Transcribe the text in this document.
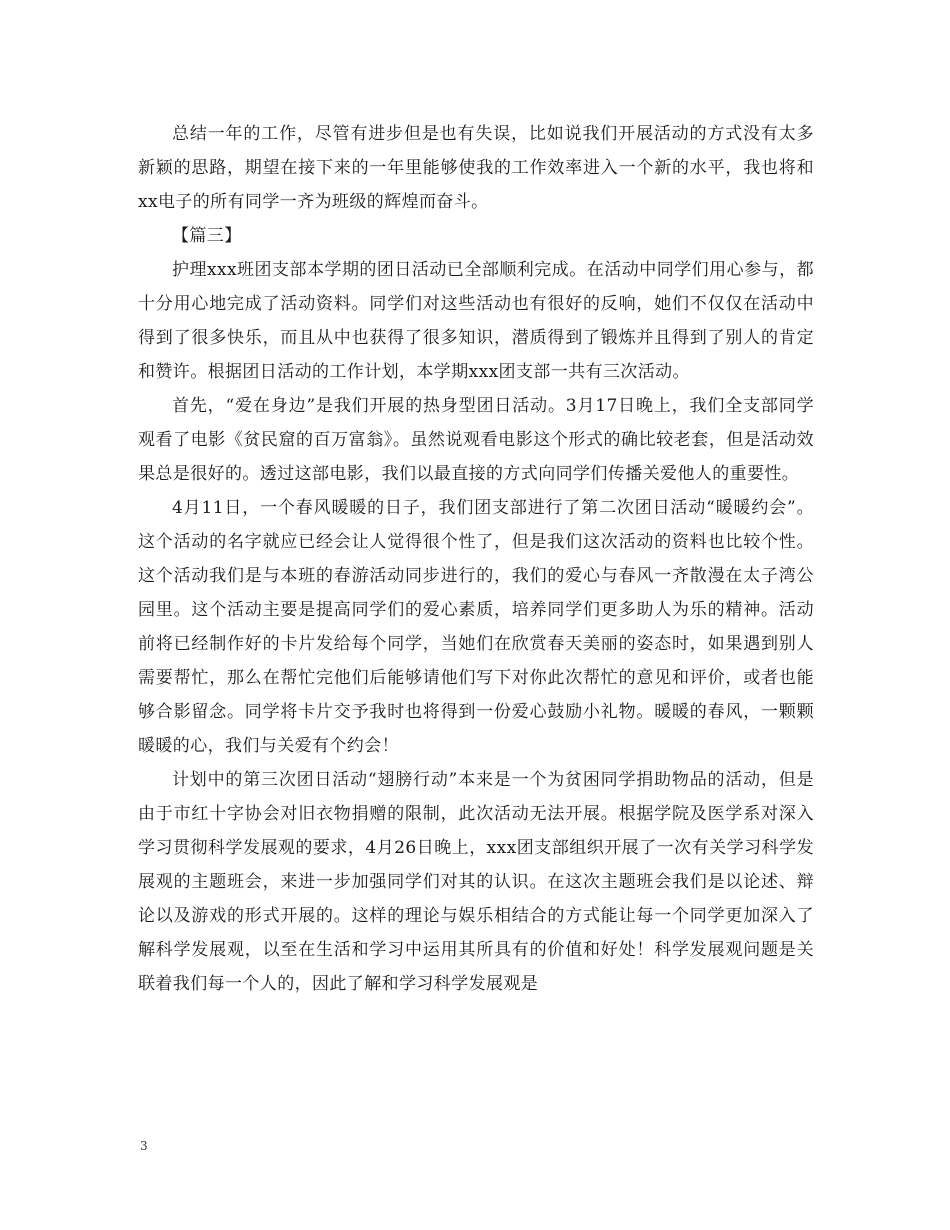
总结一年的工作，尽管有进步但是也有失误，比如说我们开展活动的方式没有太多新颖的思路，期望在接下来的一年里能够使我的工作效率进入一个新的水平，我也将和xx电子的所有同学一齐为班级的辉煌而奋斗。

【篇三】

护理xxx班团支部本学期的团日活动已全部顺利完成。在活动中同学们用心参与，都十分用心地完成了活动资料。同学们对这些活动也有很好的反响，她们不仅仅在活动中得到了很多快乐，而且从中也获得了很多知识，潜质得到了锻炼并且得到了别人的肯定和赞许。根据团日活动的工作计划，本学期xxx团支部一共有三次活动。

首先，“爱在身边”是我们开展的热身型团日活动。3月17日晚上，我们全支部同学观看了电影《贫民窟的百万富翁》。虽然说观看电影这个形式的确比较老套，但是活动效果总是很好的。透过这部电影，我们以最直接的方式向同学们传播关爱他人的重要性。

4月11日，一个春风暖暖的日子，我们团支部进行了第二次团日活动“暖暖约会”。这个活动的名字就应已经会让人觉得很个性了，但是我们这次活动的资料也比较个性。这个活动我们是与本班的春游活动同步进行的，我们的爱心与春风一齐散漫在太子湾公园里。这个活动主要是提高同学们的爱心素质，培养同学们更多助人为乐的精神。活动前将已经制作好的卡片发给每个同学，当她们在欣赏春天美丽的姿态时，如果遇到别人需要帮忙，那么在帮忙完他们后能够请他们写下对你此次帮忙的意见和评价，或者也能够合影留念。同学将卡片交予我时也将得到一份爱心鼓励小礼物。暖暖的春风，一颗颗暖暖的心，我们与关爱有个约会！

计划中的第三次团日活动“翅膀行动”本来是一个为贫困同学捐助物品的活动，但是由于市红十字协会对旧衣物捐赠的限制，此次活动无法开展。根据学院及医学系对深入学习贯彻科学发展观的要求，4月26日晚上，xxx团支部组织开展了一次有关学习科学发展观的主题班会，来进一步加强同学们对其的认识。在这次主题班会我们是以论述、辩论以及游戏的形式开展的。这样的理论与娱乐相结合的方式能让每一个同学更加深入了解科学发展观，以至在生活和学习中运用其所具有的价值和好处！科学发展观问题是关联着我们每一个人的，因此了解和学习科学发展观是

3
